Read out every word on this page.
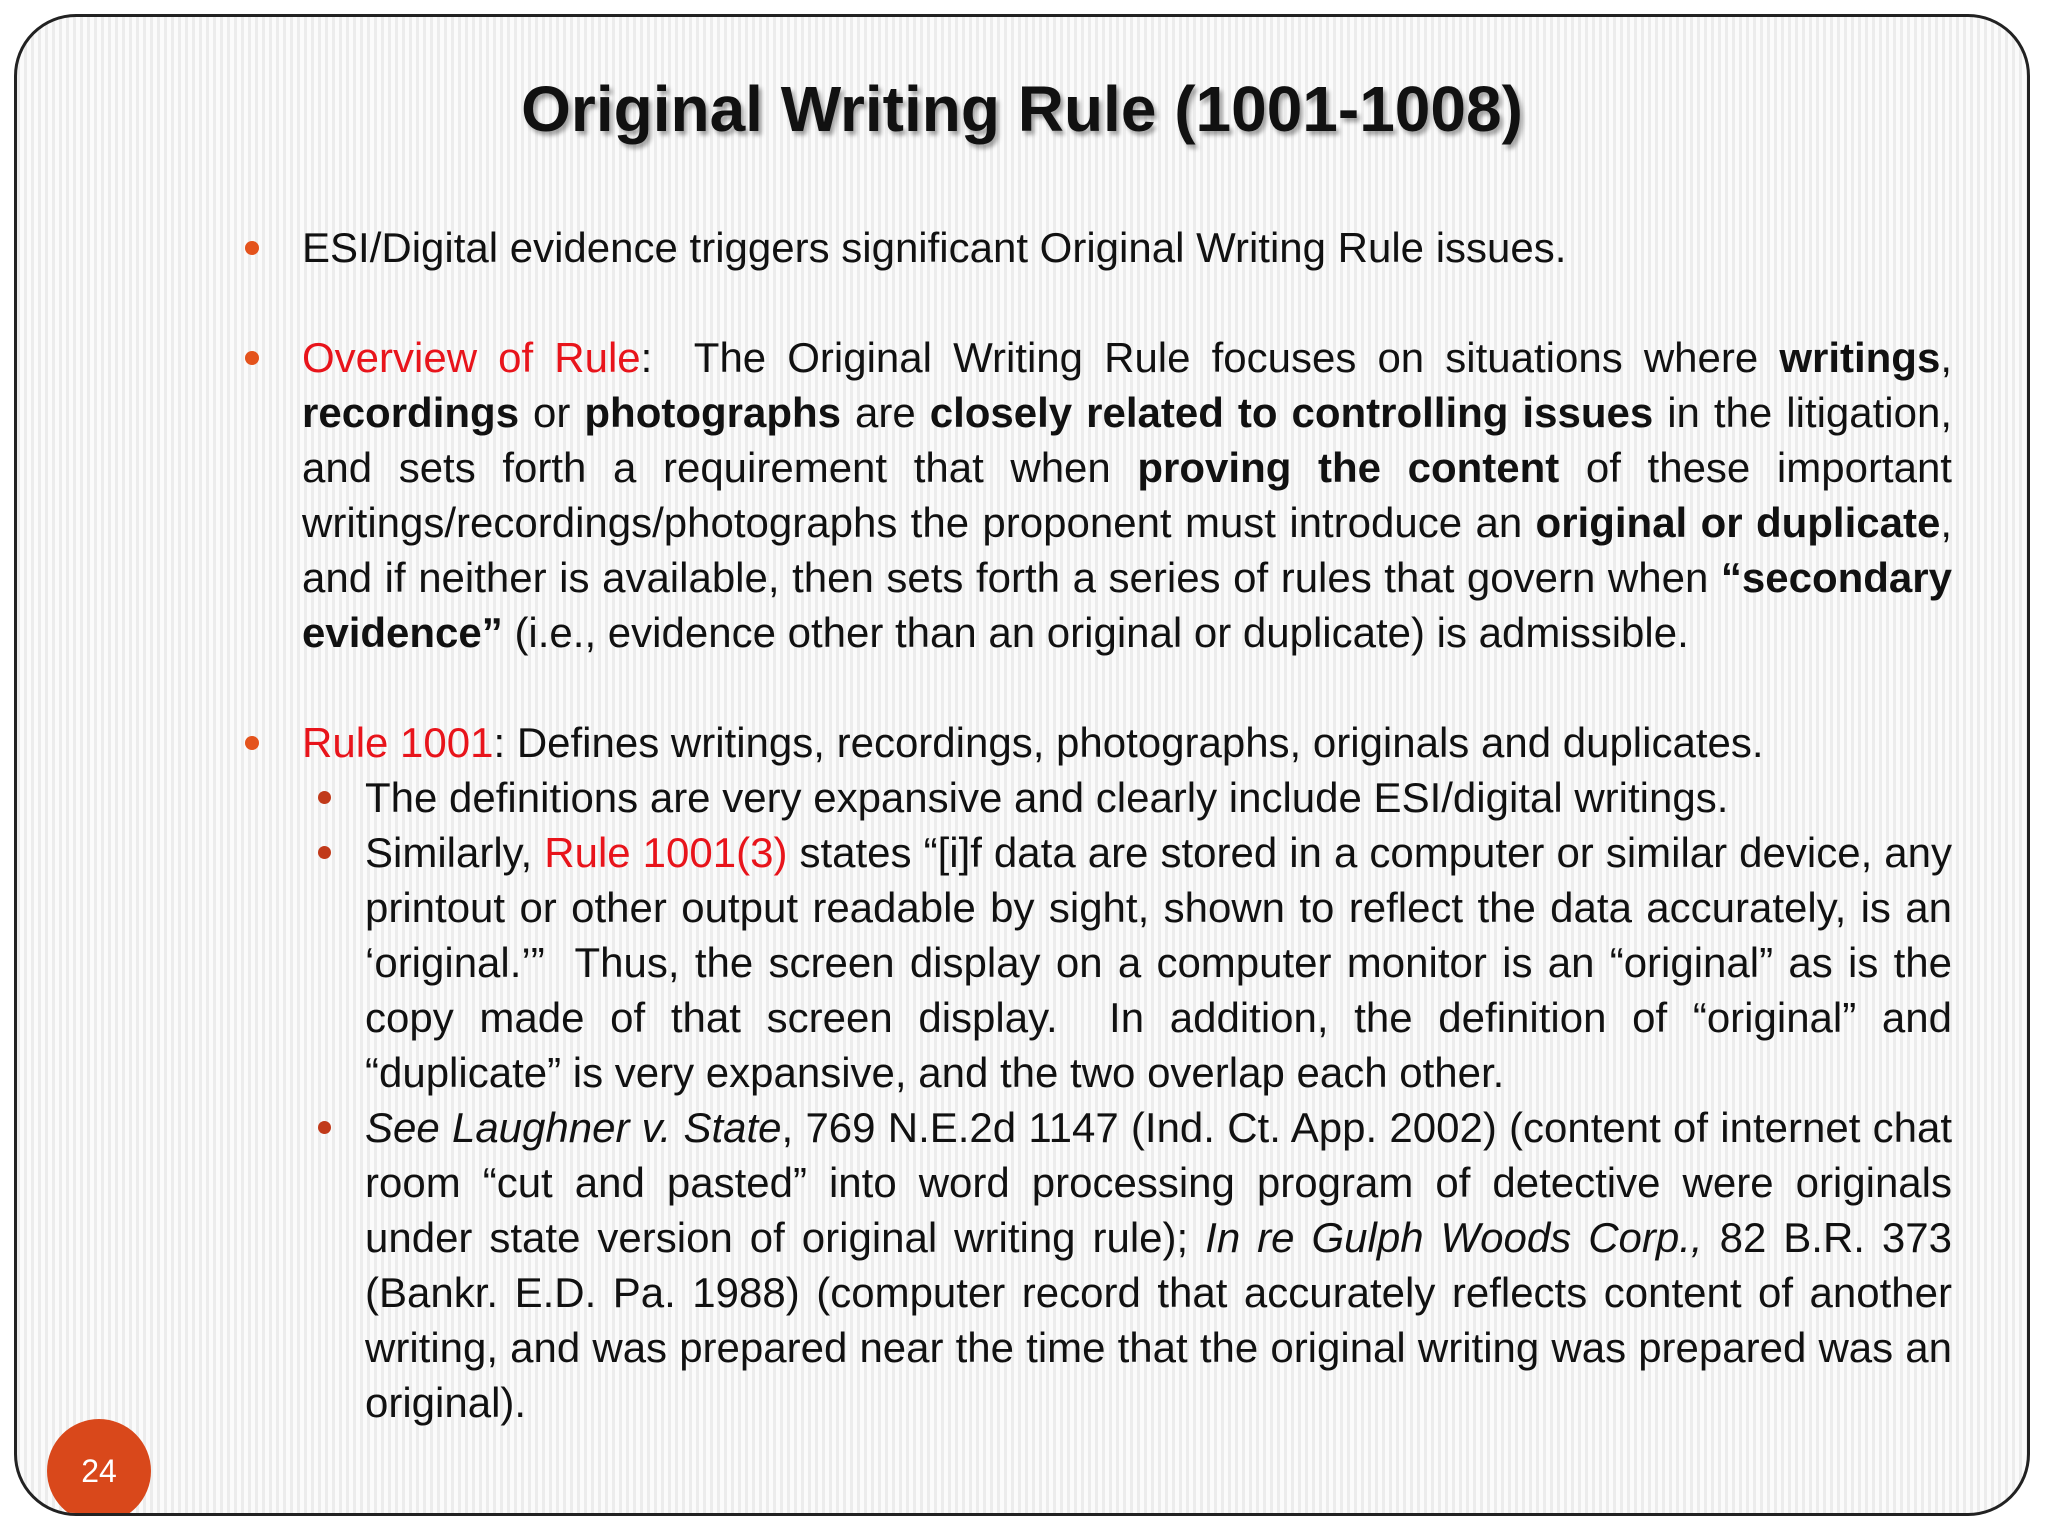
Original Writing Rule (1001-1008)
ESI/Digital evidence triggers significant Original Writing Rule issues.
Overview of Rule:  The Original Writing Rule focuses on situations where writings, recordings or photographs are closely related to controlling issues in the litigation, and sets forth a requirement that when proving the content of these important writings/recordings/photographs the proponent must introduce an original or duplicate, and if neither is available, then sets forth a series of rules that govern when “secondary evidence” (i.e., evidence other than an original or duplicate) is admissible.
Rule 1001: Defines writings, recordings, photographs, originals and duplicates.
The definitions are very expansive and clearly include ESI/digital writings.
Similarly, Rule 1001(3) states “[i]f data are stored in a computer or similar device, any printout or other output readable by sight, shown to reflect the data accurately, is an ‘original.’”  Thus, the screen display on a computer monitor is an “original” as is the copy made of that screen display.  In addition, the definition of “original” and “duplicate” is very expansive, and the two overlap each other.
See Laughner v. State, 769 N.E.2d 1147 (Ind. Ct. App. 2002) (content of internet chat room “cut and pasted” into word processing program of detective were originals under state version of original writing rule); In re Gulph Woods Corp., 82 B.R. 373 (Bankr. E.D. Pa. 1988) (computer record that accurately reflects content of another writing, and was prepared near the time that the original writing was prepared was an original).
24
